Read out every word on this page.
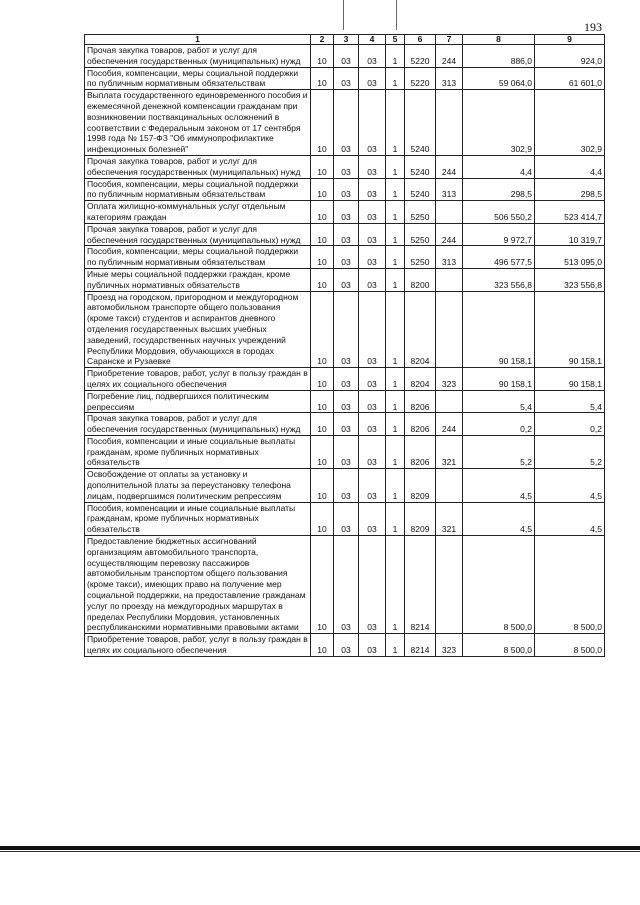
193
1	2	3	4	5	6	7	8	9
Прочая закупка товаров, работ и услуг для обеспечения государственных (муниципальных) нужд	10	03	03	1	5220	244	886,0	924,0
Пособия, компенсации, меры социальной поддержки по публичным нормативным обязательствам	10	03	03	1	5220	313	59 064,0	61 601,0
Выплата государственного единовременного пособия и ежемесячной денежной компенсации гражданам при возникновении поствакцинальных осложнений в соответствии с Федеральным законом от 17 сентября 1998 года № 157-ФЗ "Об иммунопрофилактике инфекционных болезней"	10	03	03	1	5240		302,9	302,9
Прочая закупка товаров, работ и услуг для обеспечения государственных (муниципальных) нужд	10	03	03	1	5240	244	4,4	4,4
Пособия, компенсации, меры социальной поддержки по публичным нормативным обязательствам	10	03	03	1	5240	313	298,5	298,5
Оплата жилищно-коммунальных услуг отдельным категориям граждан	10	03	03	1	5250		506 550,2	523 414,7
Прочая закупка товаров, работ и услуг для обеспечения государственных (муниципальных) нужд	10	03	03	1	5250	244	9 972,7	10 319,7
Пособия, компенсации, меры социальной поддержки по публичным нормативным обязательствам	10	03	03	1	5250	313	496 577,5	513 095,0
Иные меры социальной поддержки граждан, кроме публичных нормативных обязательств	10	03	03	1	8200		323 556,8	323 556,8
Проезд на городском, пригородном и междугородном автомобильном транспорте общего пользования (кроме такси) студентов и аспирантов дневного отделения государственных высших учебных заведений, государственных научных учреждений Республики Мордовия, обучающихся в городах Саранске и Рузаевке	10	03	03	1	8204		90 158,1	90 158,1
Приобретение товаров, работ, услуг в пользу граждан в целях их социального обеспечения	10	03	03	1	8204	323	90 158,1	90 158,1
Погребение лиц, подвергшихся политическим репрессиям	10	03	03	1	8206		5,4	5,4
Прочая закупка товаров, работ и услуг для обеспечения государственных (муниципальных) нужд	10	03	03	1	8206	244	0,2	0,2
Пособия, компенсации и иные социальные выплаты гражданам, кроме публичных нормативных обязательств	10	03	03	1	8206	321	5,2	5,2
Освобождение от оплаты за установку и дополнительной платы за переустановку телефона лицам, подвергшимся политическим репрессиям	10	03	03	1	8209		4,5	4,5
Пособия, компенсации и иные социальные выплаты гражданам, кроме публичных нормативных обязательств	10	03	03	1	8209	321	4,5	4,5
Предоставление бюджетных ассигнований организациям автомобильного транспорта, осуществляющим перевозку пассажиров автомобильным транспортом общего пользования (кроме такси), имеющих право на получение мер социальной поддержки, на предоставление гражданам услуг по проезду на междугородных маршрутах в пределах Республики Мордовия, установленных республиканскими нормативными правовыми актами	10	03	03	1	8214		8 500,0	8 500,0
Приобретение товаров, работ, услуг в пользу граждан в целях их социального обеспечения	10	03	03	1	8214	323	8 500,0	8 500,0
